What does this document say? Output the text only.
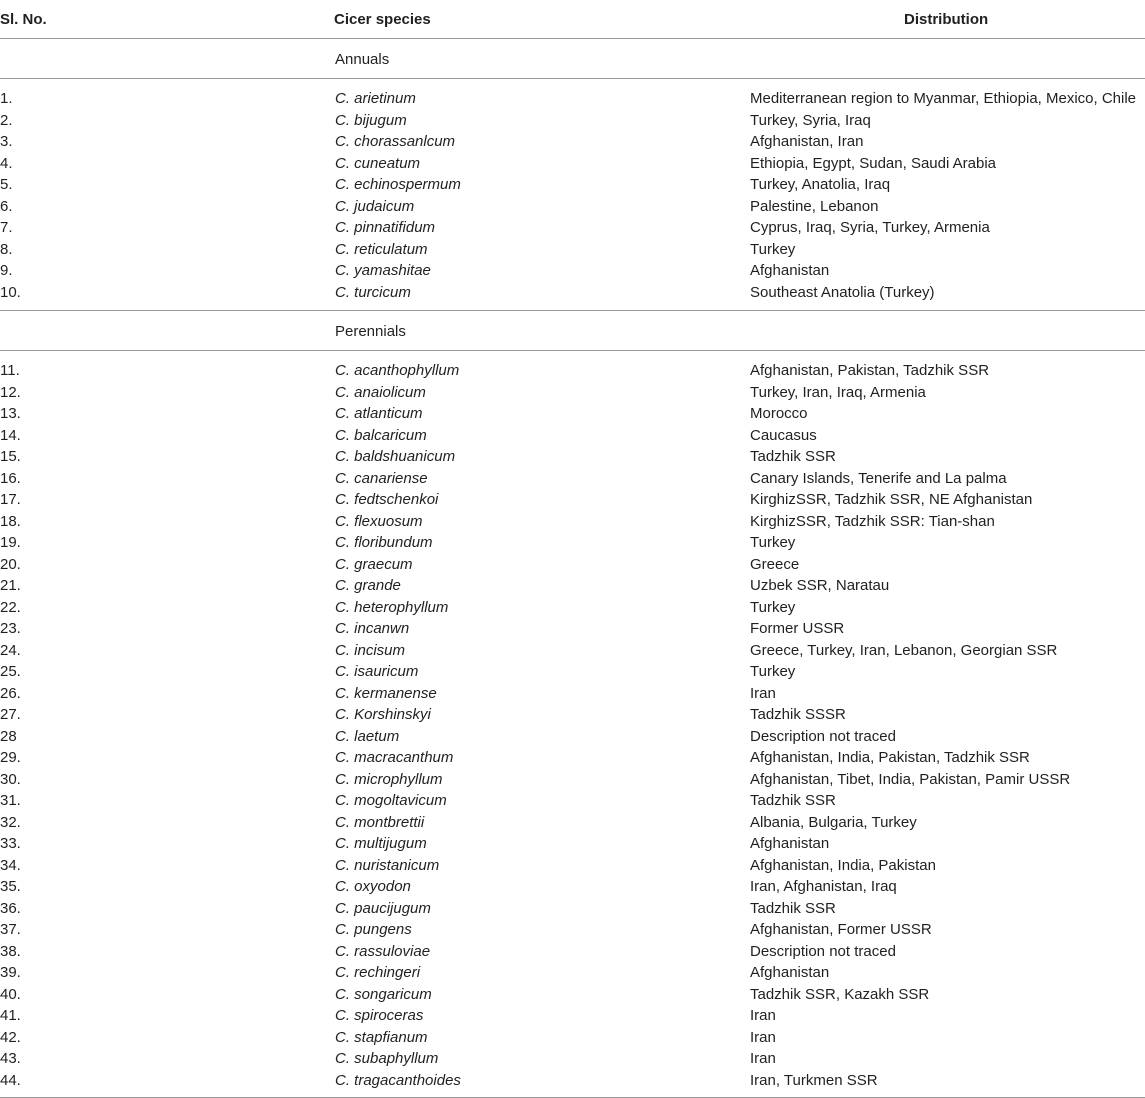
Sl. No.	Cicer species	Distribution
Annuals
1.	C. arietinum	Mediterranean region to Myanmar, Ethiopia, Mexico, Chile
2.	C. bijugum	Turkey, Syria, Iraq
3.	C. chorassanlcum	Afghanistan, Iran
4.	C. cuneatum	Ethiopia, Egypt, Sudan, Saudi Arabia
5.	C. echinospermum	Turkey, Anatolia, Iraq
6.	C. judaicum	Palestine, Lebanon
7.	C. pinnatifidum	Cyprus, Iraq, Syria, Turkey, Armenia
8.	C. reticulatum	Turkey
9.	C. yamashitae	Afghanistan
10.	C. turcicum	Southeast Anatolia (Turkey)
Perennials
11.	C. acanthophyllum	Afghanistan, Pakistan, Tadzhik SSR
12.	C. anaiolicum	Turkey, Iran, Iraq, Armenia
13.	C. atlanticum	Morocco
14.	C. balcaricum	Caucasus
15.	C. baldshuanicum	Tadzhik SSR
16.	C. canariense	Canary Islands, Tenerife and La palma
17.	C. fedtschenkoi	KirghizSSR, Tadzhik SSR, NE Afghanistan
18.	C. flexuosum	KirghizSSR, Tadzhik SSR: Tian-shan
19.	C. floribundum	Turkey
20.	C. graecum	Greece
21.	C. grande	Uzbek SSR, Naratau
22.	C. heterophyllum	Turkey
23.	C. incanwn	Former USSR
24.	C. incisum	Greece, Turkey, Iran, Lebanon, Georgian SSR
25.	C. isauricum	Turkey
26.	C. kermanense	Iran
27.	C. Korshinskyi	Tadzhik SSSR
28	C. laetum	Description not traced
29.	C. macracanthum	Afghanistan, India, Pakistan, Tadzhik SSR
30.	C. microphyllum	Afghanistan, Tibet, India, Pakistan, Pamir USSR
31.	C. mogoltavicum	Tadzhik SSR
32.	C. montbrettii	Albania, Bulgaria, Turkey
33.	C. multijugum	Afghanistan
34.	C. nuristanicum	Afghanistan, India, Pakistan
35.	C. oxyodon	Iran, Afghanistan, Iraq
36.	C. paucijugum	Tadzhik SSR
37.	C. pungens	Afghanistan, Former USSR
38.	C. rassuloviae	Description not traced
39.	C. rechingeri	Afghanistan
40.	C. songaricum	Tadzhik SSR, Kazakh SSR
41.	C. spiroceras	Iran
42.	C. stapfianum	Iran
43.	C. subaphyllum	Iran
44.	C. tragacanthoides	Iran, Turkmen SSR
